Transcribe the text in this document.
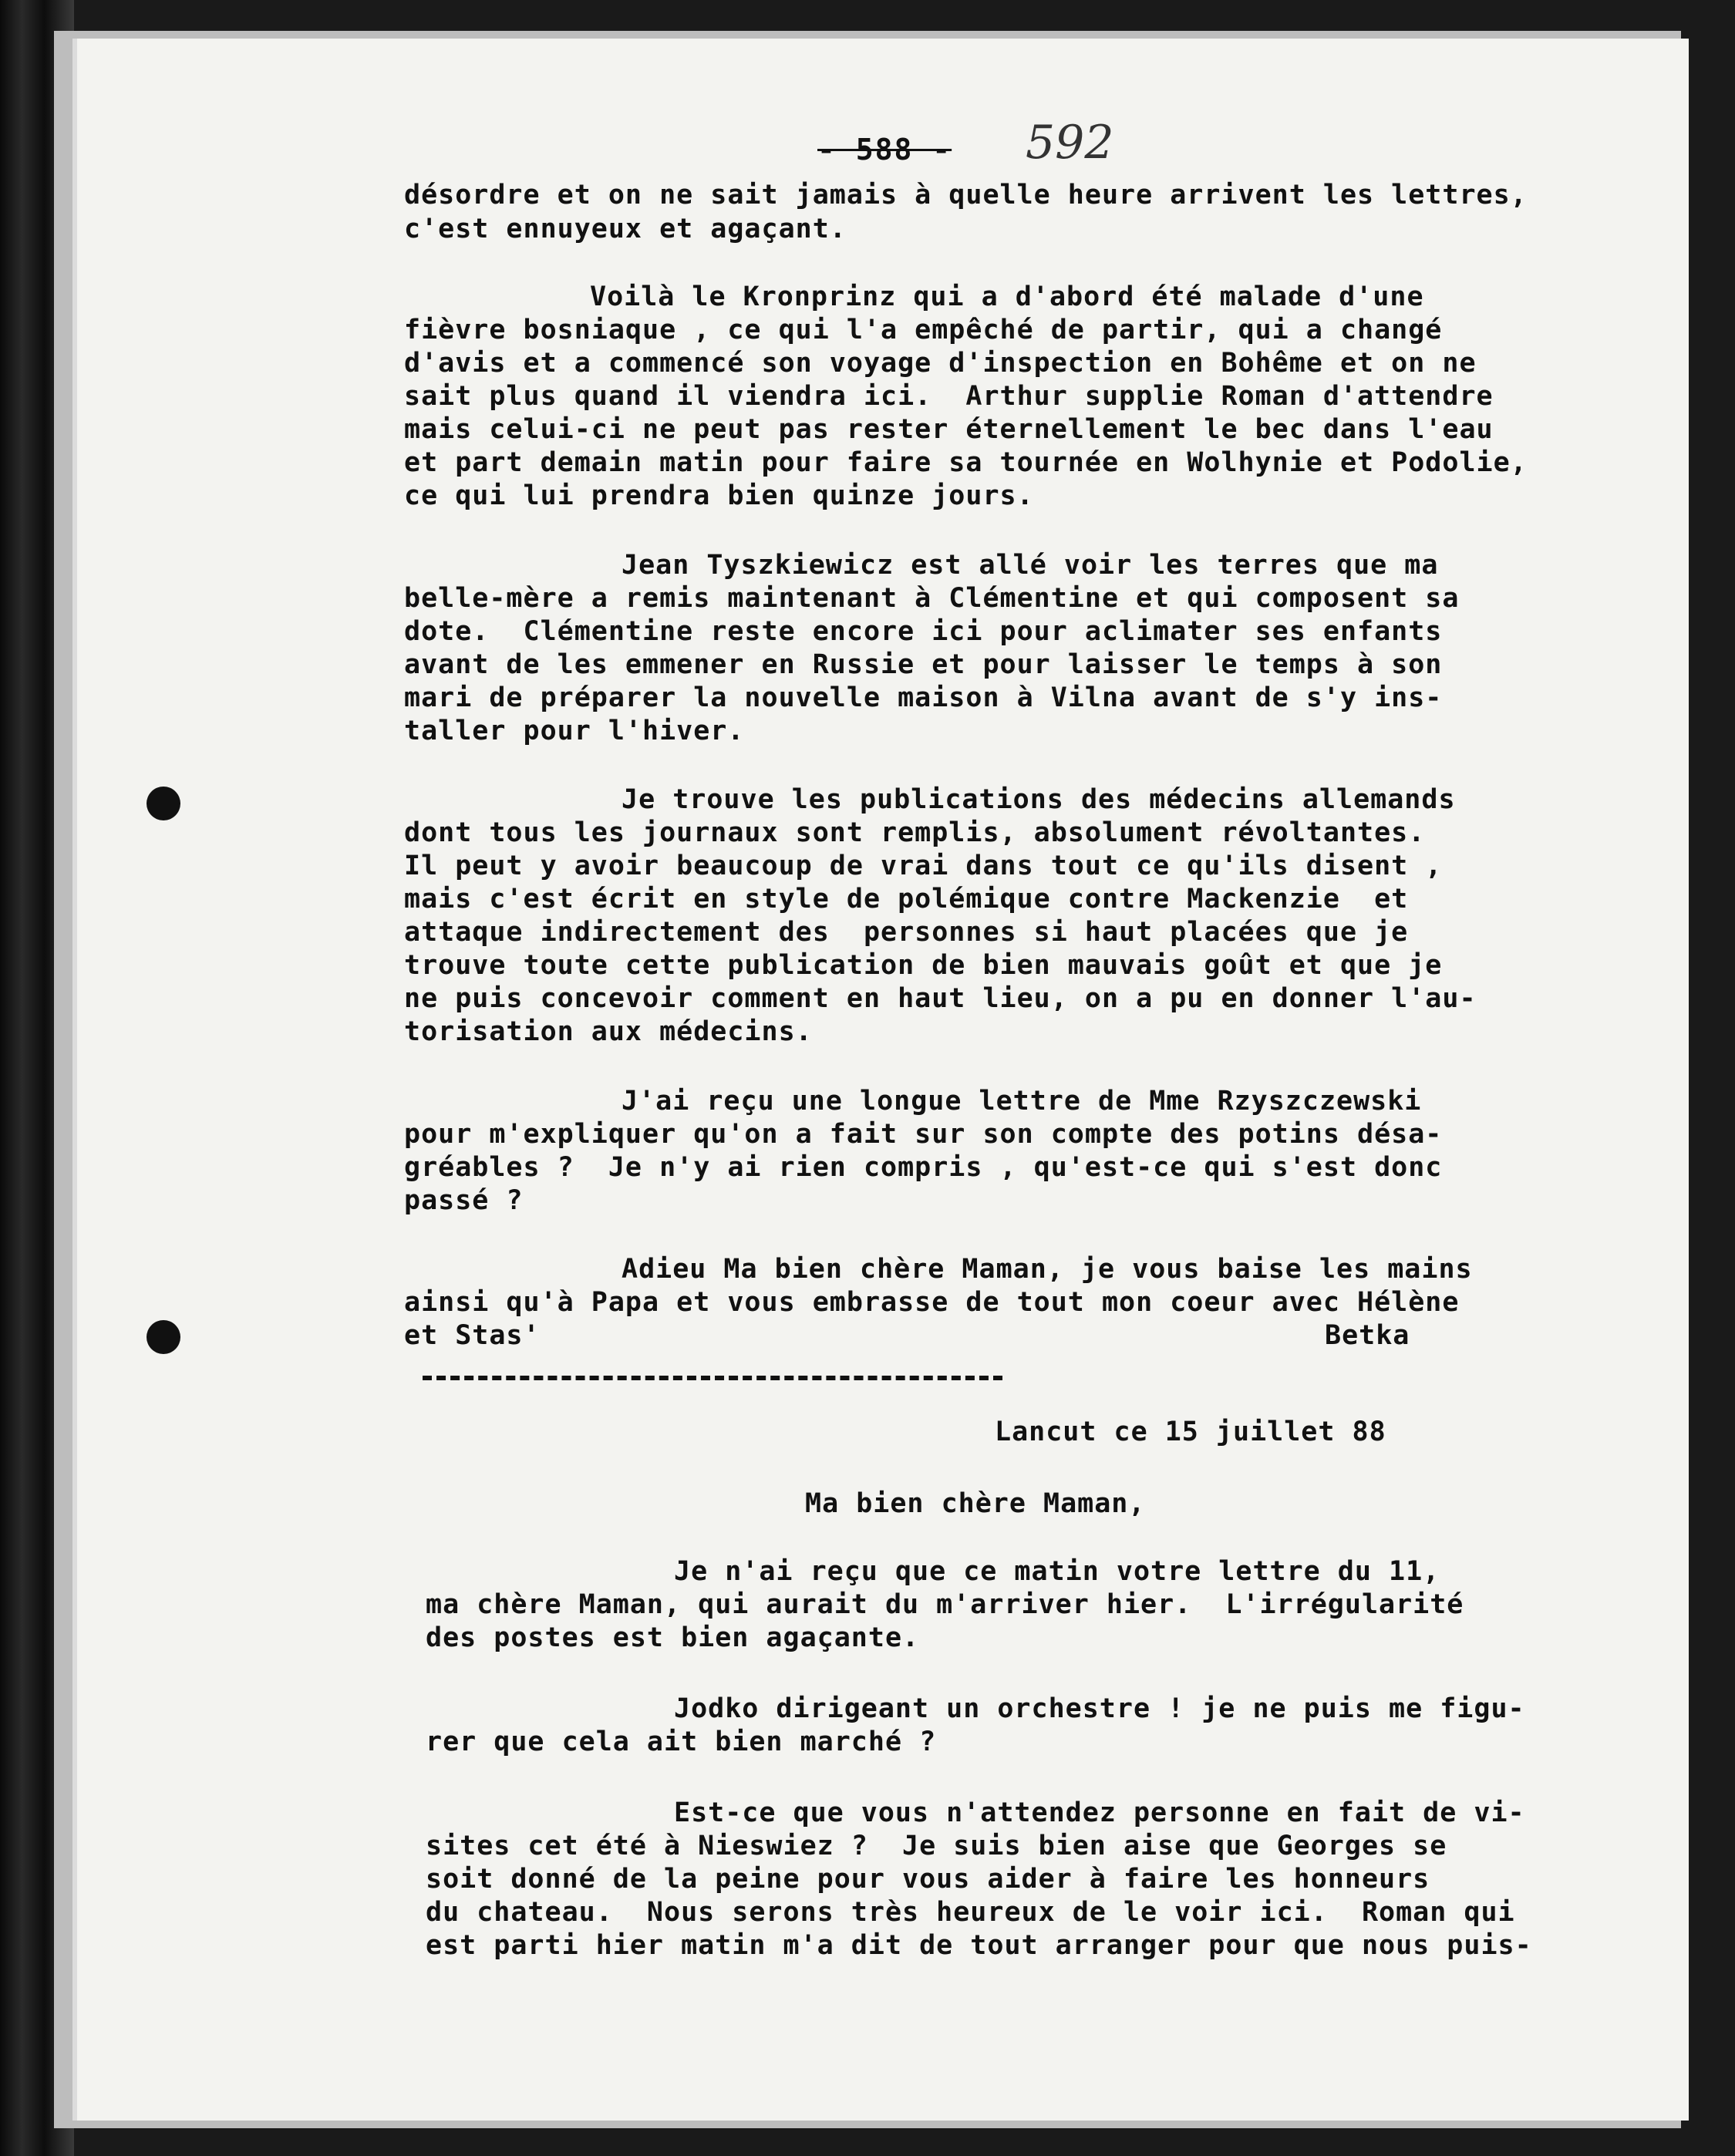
- 588 - 592
désordre et on ne sait jamais à quelle heure arrivent les lettres,
c'est ennuyeux et agaçant.
Voilà le Kronprinz qui a d'abord été malade d'une
fièvre bosniaque , ce qui l'a empêché de partir, qui a changé
d'avis et a commencé son voyage d'inspection en Bohême et on ne
sait plus quand il viendra ici.  Arthur supplie Roman d'attendre
mais celui-ci ne peut pas rester éternellement le bec dans l'eau
et part demain matin pour faire sa tournée en Wolhynie et Podolie,
ce qui lui prendra bien quinze jours.
Jean Tyszkiewicz est allé voir les terres que ma
belle-mère a remis maintenant à Clémentine et qui composent sa
dote.  Clémentine reste encore ici pour aclimater ses enfants
avant de les emmener en Russie et pour laisser le temps à son
mari de préparer la nouvelle maison à Vilna avant de s'y ins-
taller pour l'hiver.
Je trouve les publications des médecins allemands
dont tous les journaux sont remplis, absolument révoltantes.
Il peut y avoir beaucoup de vrai dans tout ce qu'ils disent ,
mais c'est écrit en style de polémique contre Mackenzie  et
attaque indirectement des  personnes si haut placées que je
trouve toute cette publication de bien mauvais goût et que je
ne puis concevoir comment en haut lieu, on a pu en donner l'au-
torisation aux médecins.
J'ai reçu une longue lettre de Mme Rzyszczewski
pour m'expliquer qu'on a fait sur son compte des potins désa-
gréables ?  Je n'y ai rien compris , qu'est-ce qui s'est donc
passé ?
Adieu Ma bien chère Maman, je vous baise les mains
ainsi qu'à Papa et vous embrasse de tout mon coeur avec Hélène
et Stas'	Betka
Lancut ce 15 juillet 88
Ma bien chère Maman,
Je n'ai reçu que ce matin votre lettre du 11,
ma chère Maman, qui aurait du m'arriver hier.  L'irrégularité
des postes est bien agaçante.
Jodko dirigeant un orchestre ! je ne puis me figu-
rer que cela ait bien marché ?
Est-ce que vous n'attendez personne en fait de vi-
sites cet été à Nieswiez ?  Je suis bien aise que Georges se
soit donné de la peine pour vous aider à faire les honneurs
du chateau.  Nous serons très heureux de le voir ici.  Roman qui
est parti hier matin m'a dit de tout arranger pour que nous puis-
